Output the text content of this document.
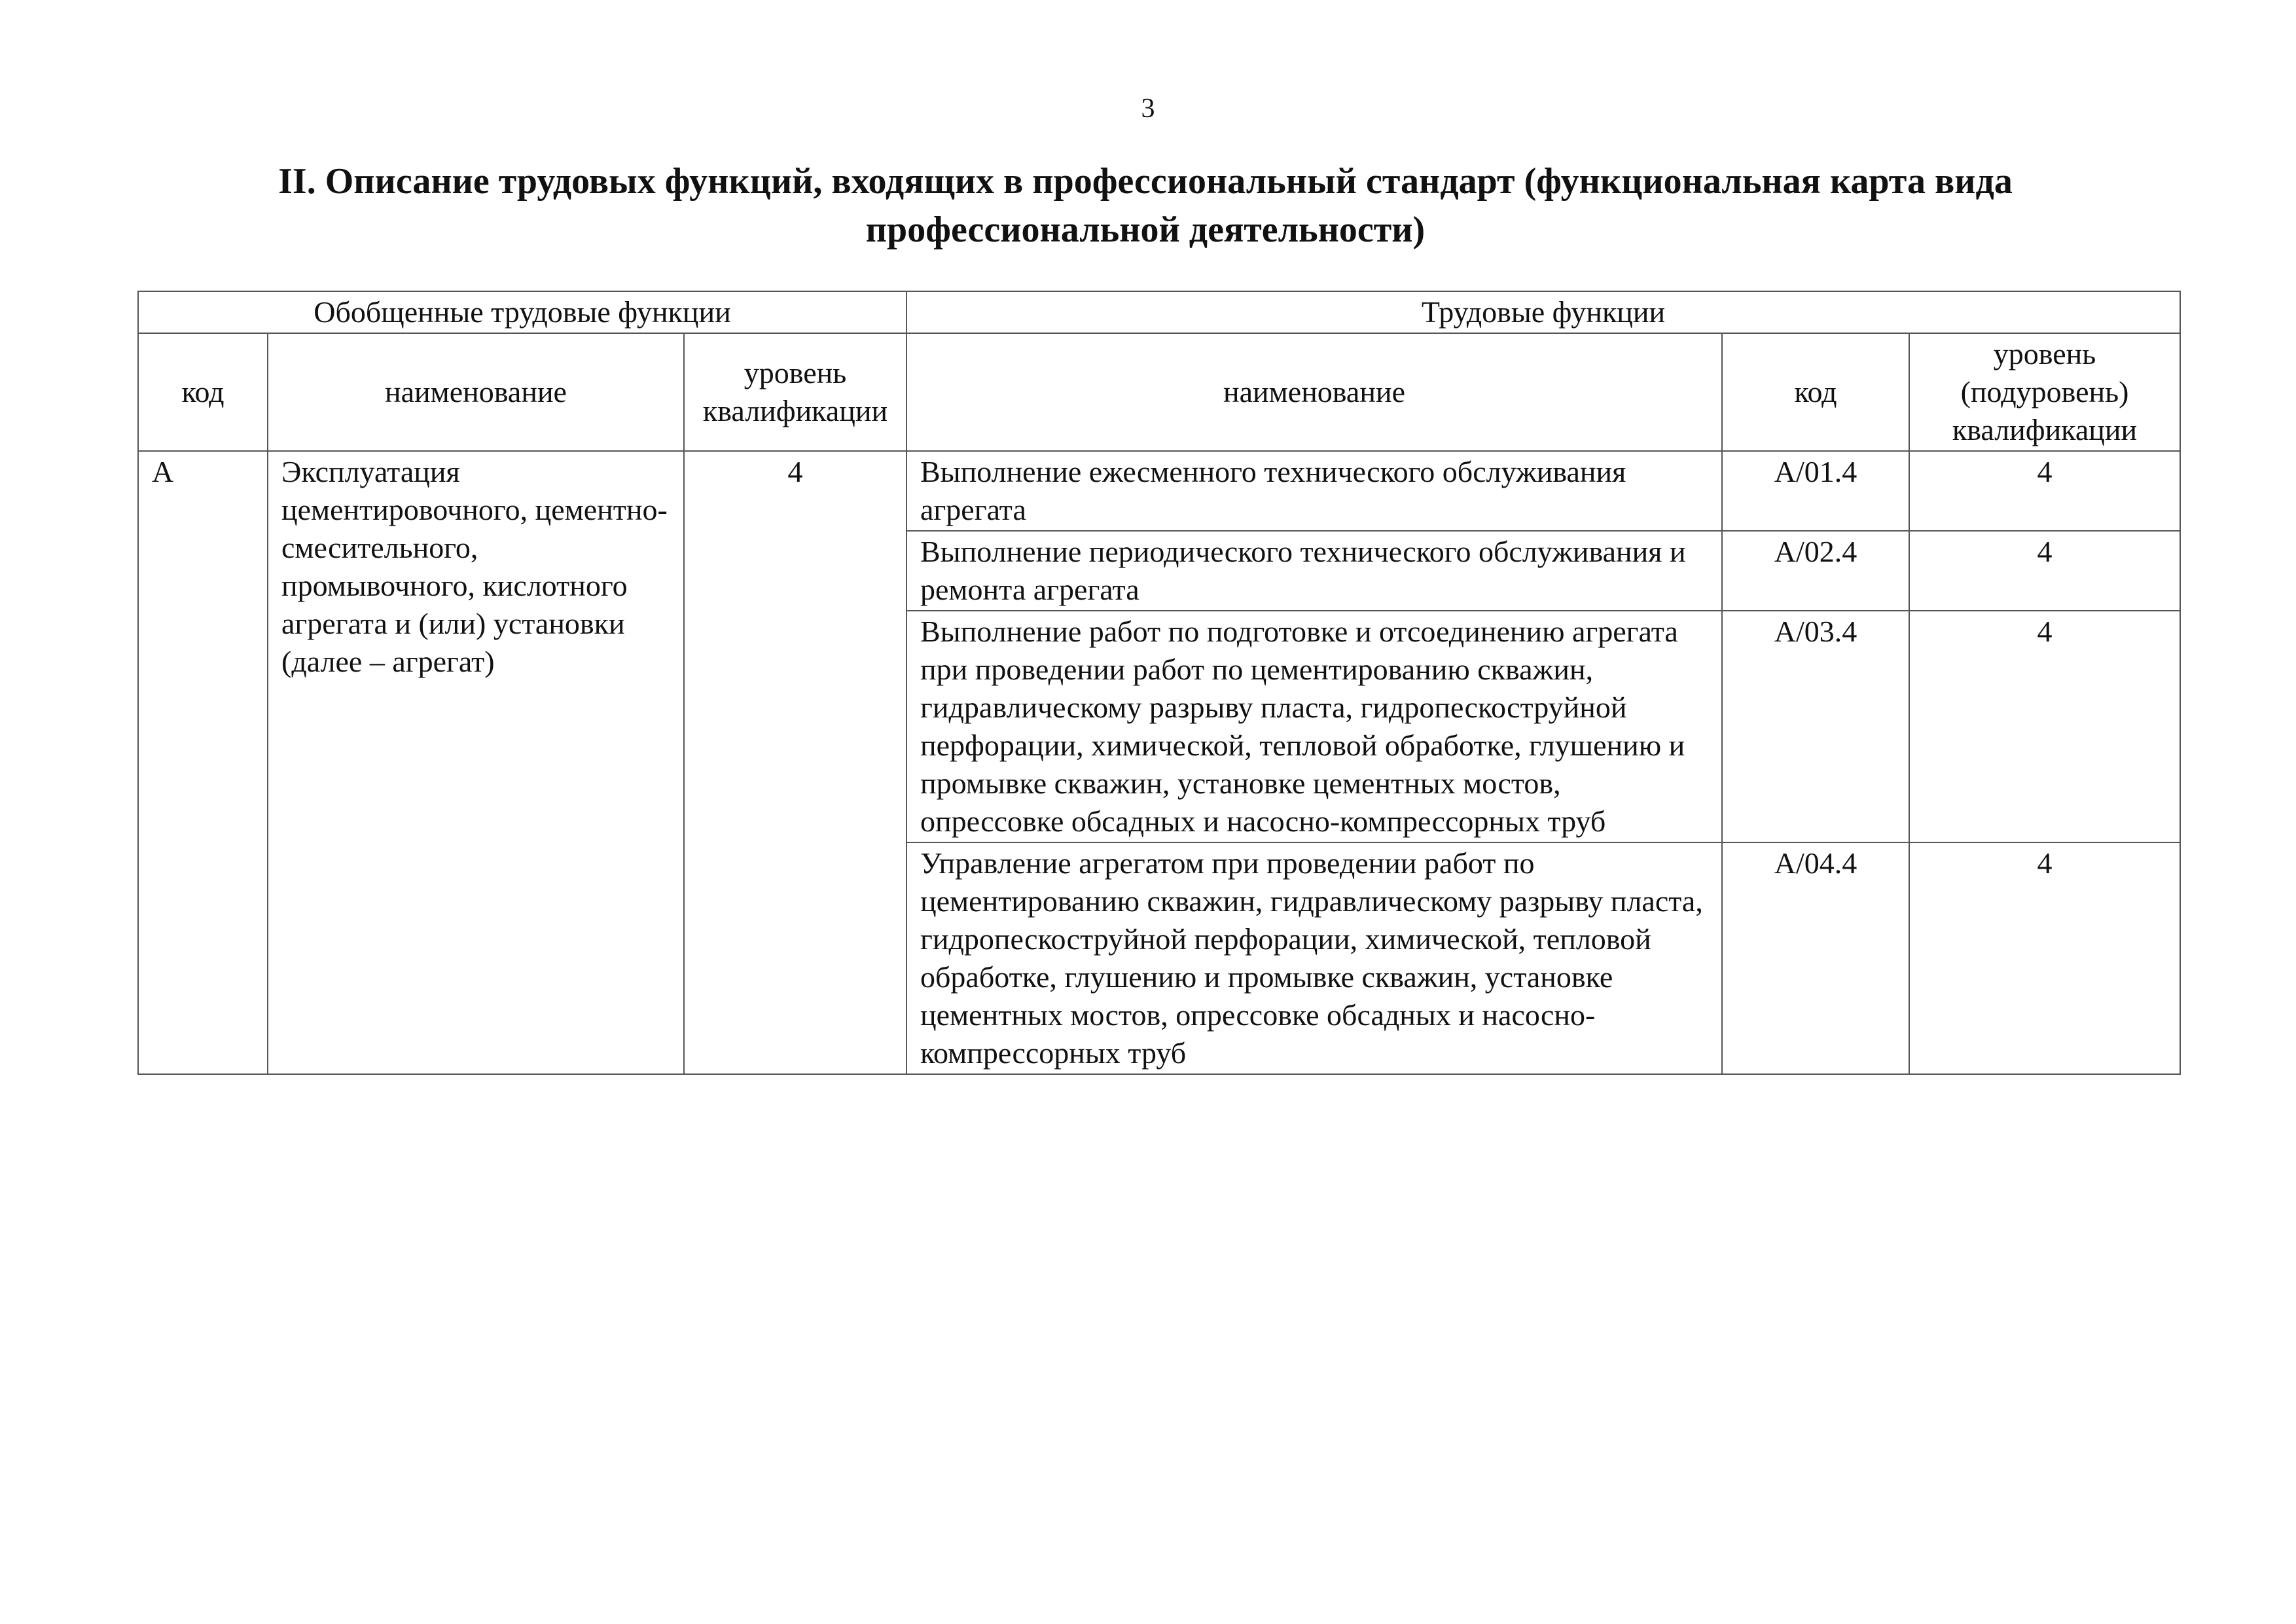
3
II. Описание трудовых функций, входящих в профессиональный стандарт (функциональная карта вида профессиональной деятельности)
Обобщенные трудовые функции			Трудовые функции		
код	наименование	уровень квалификации	наименование	код	уровень (подуровень) квалификации
А	Эксплуатация цементировочного, цементно-смесительного, промывочного, кислотного агрегата и (или) установки (далее – агрегат)	4	Выполнение ежесменного технического обслуживания агрегата	А/01.4	4
			Выполнение периодического технического обслуживания и ремонта агрегата	А/02.4	4
			Выполнение работ по подготовке и отсоединению агрегата при проведении работ по цементированию скважин, гидравлическому разрыву пласта, гидропескоструйной перфорации, химической, тепловой обработке, глушению и промывке скважин, установке цементных мостов, опрессовке обсадных и насосно-компрессорных труб	А/03.4	4
			Управление агрегатом при проведении работ по цементированию скважин, гидравлическому разрыву пласта, гидропескоструйной перфорации, химической, тепловой обработке, глушению и промывке скважин, установке цементных мостов, опрессовке обсадных и насосно-компрессорных труб	А/04.4	4
